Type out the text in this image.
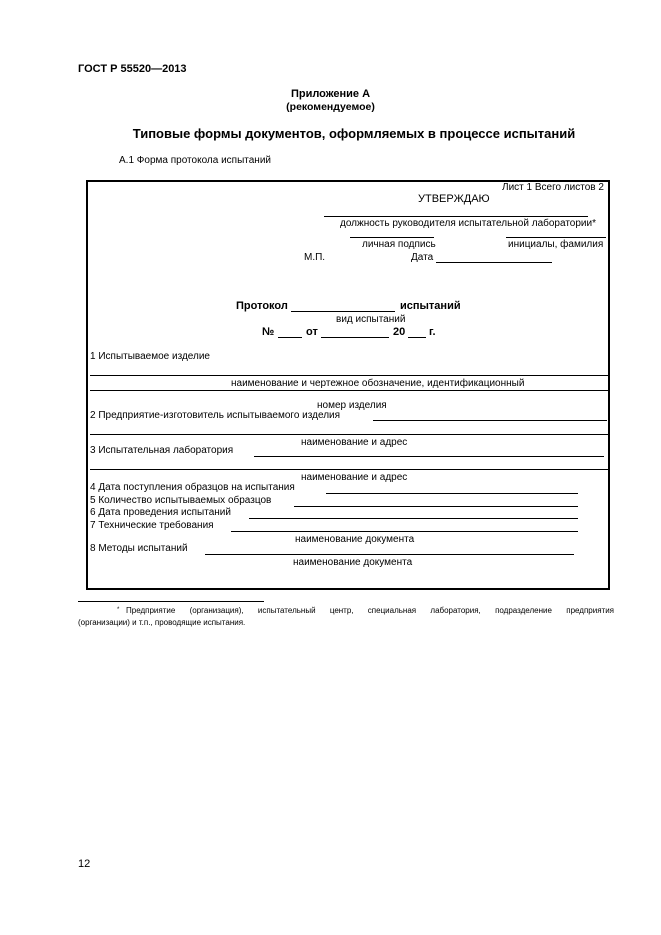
ГОСТ Р 55520—2013
Приложение А
(рекомендуемое)
Типовые формы документов, оформляемых в процессе испытаний
А.1 Форма протокола испытаний
Лист 1 Всего листов 2
УТВЕРЖДАЮ
должность руководителя испытательной лаборатории*
личная подпись	инициалы, фамилия
М.П.	Дата
Протокол	испытаний
вид испытаний
№	от	20 г.
1 Испытываемое изделие
наименование и чертежное обозначение, идентификационный
номер изделия
2 Предприятие-изготовитель испытываемого изделия
наименование и адрес
3 Испытательная лаборатория
наименование и адрес
4 Дата поступления образцов на испытания
5 Количество испытываемых образцов
6 Дата проведения испытаний
7 Технические требования
наименование документа
8 Методы испытаний
наименование документа
* Предприятие (организация), испытательный центр, специальная лаборатория, подразделение предприятия
(организации) и т.п., проводящие испытания.
12
